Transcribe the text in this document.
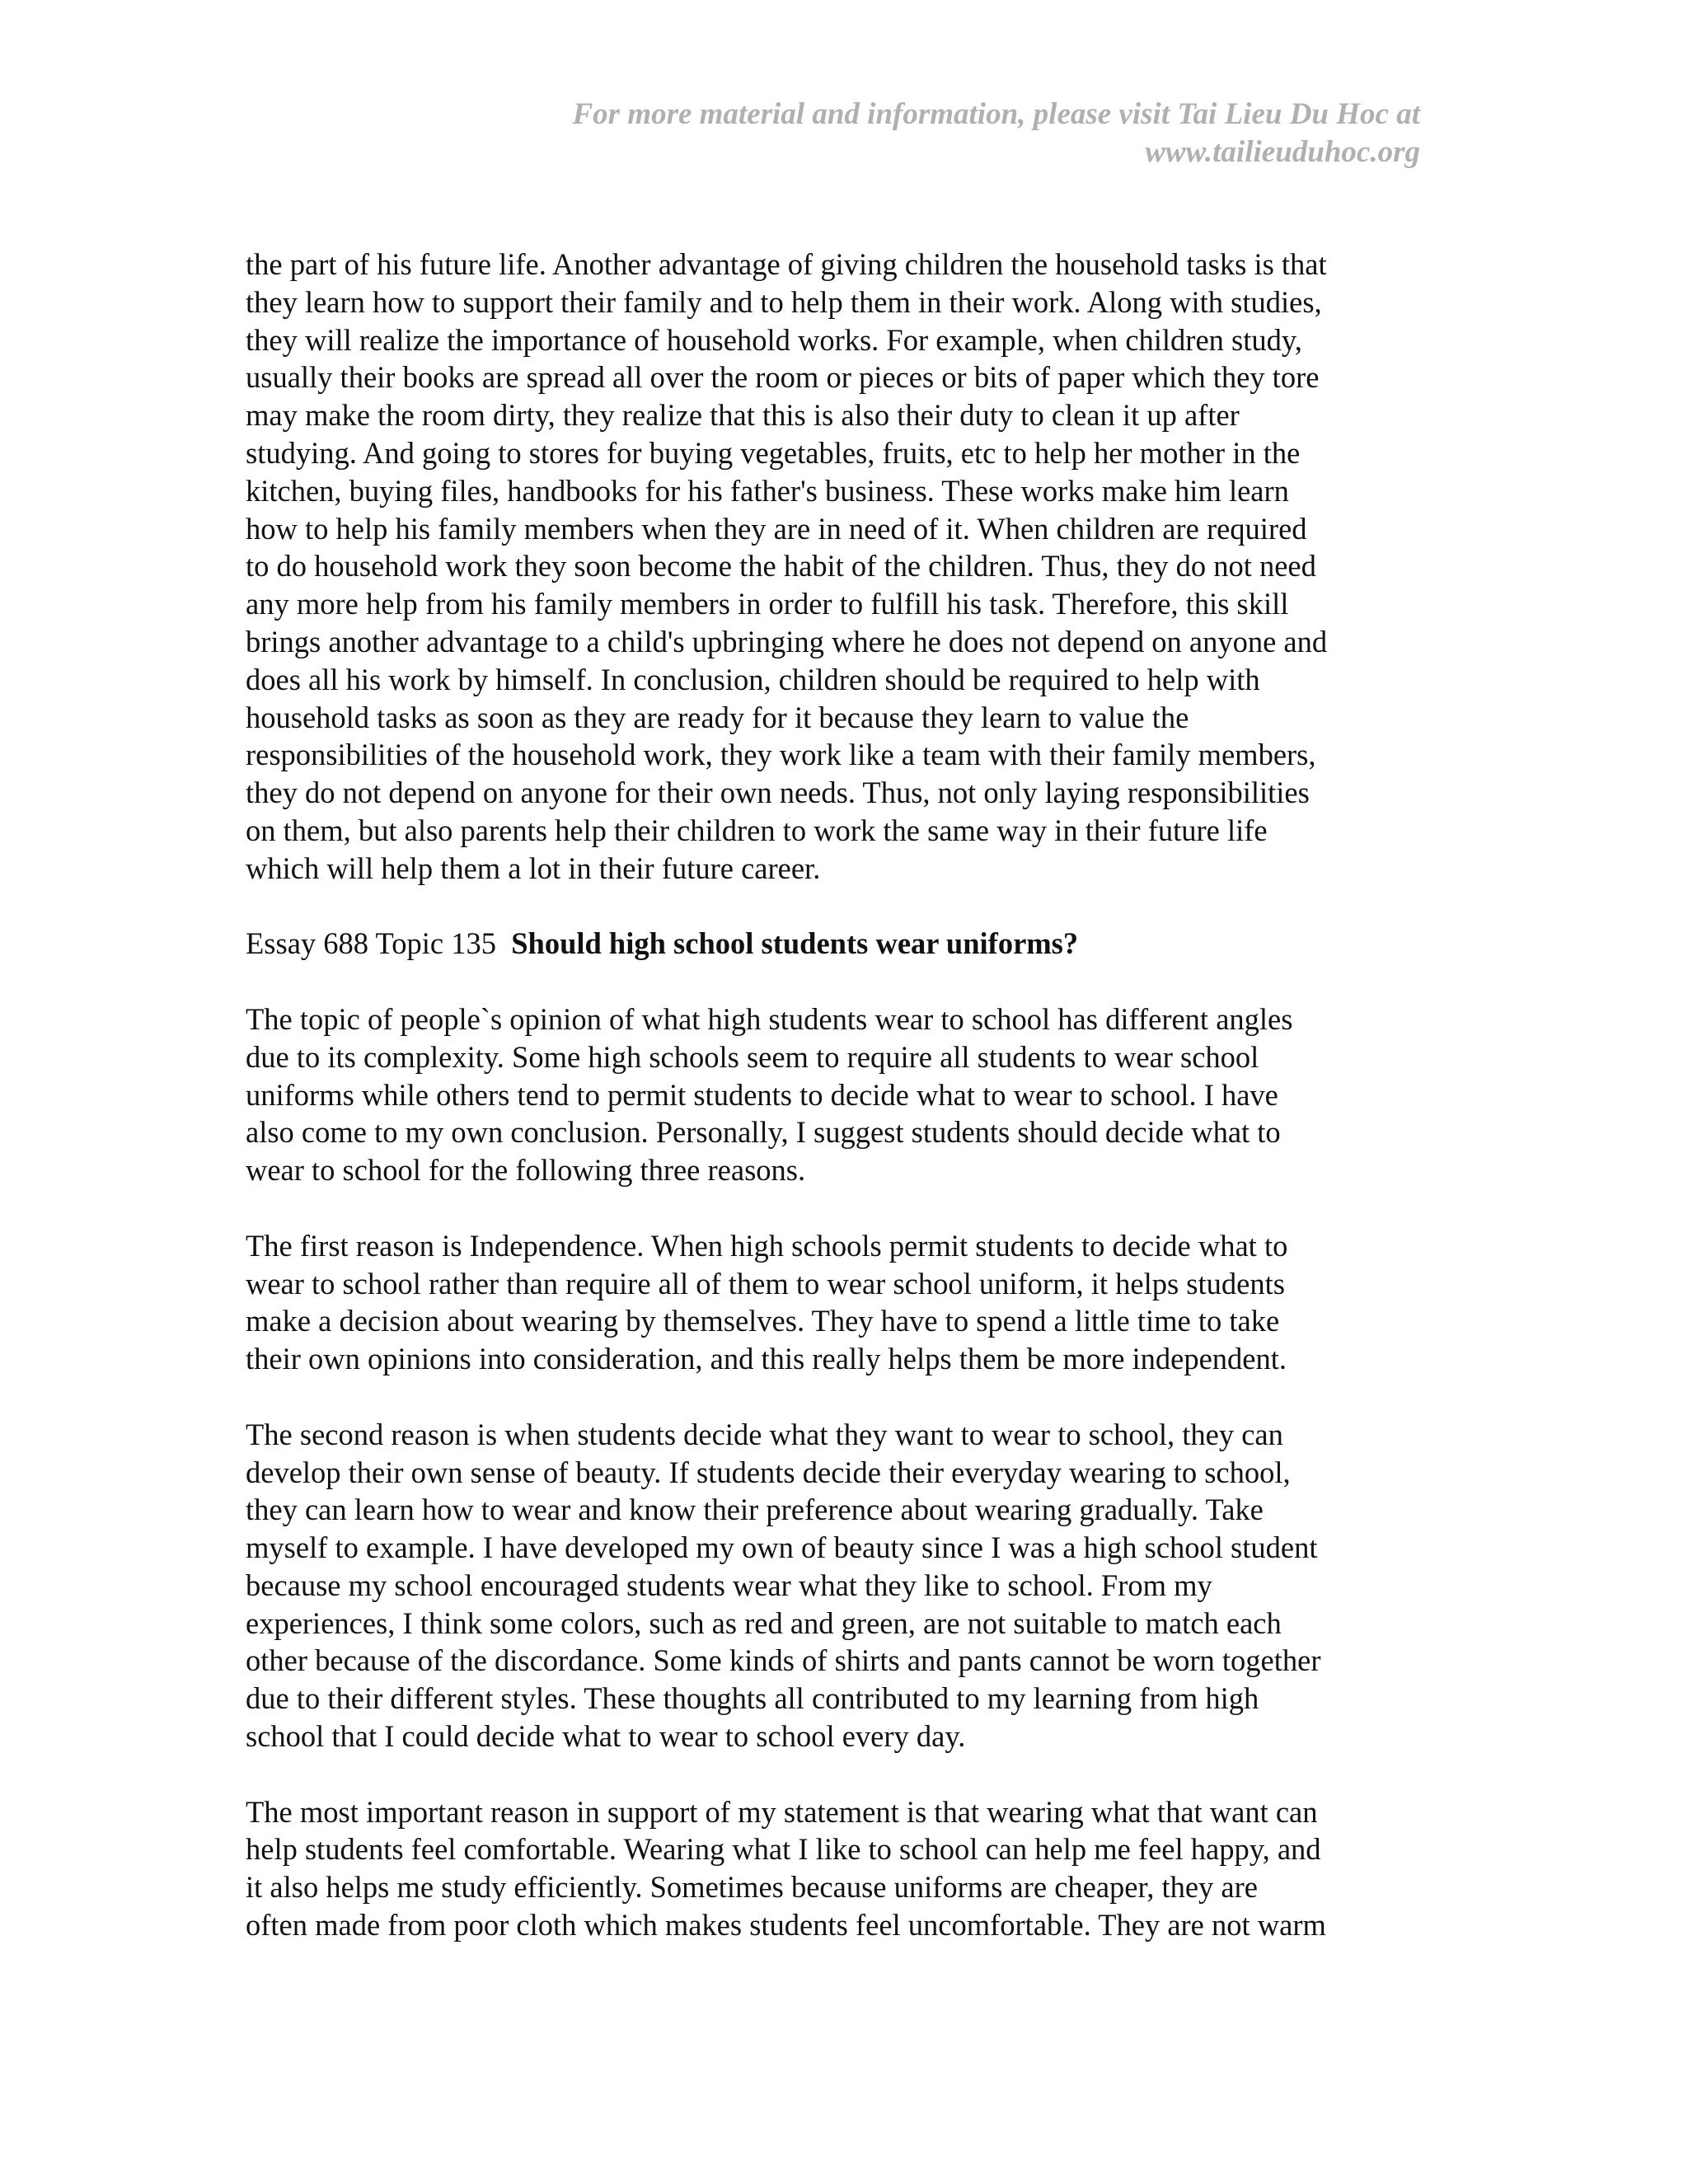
For more material and information, please visit Tai Lieu Du Hoc at
www.tailieuduhoc.org
the part of his future life. Another advantage of giving children the household tasks is that
they learn how to support their family and to help them in their work. Along with studies,
they will realize the importance of household works. For example, when children study,
usually their books are spread all over the room or pieces or bits of paper which they tore
may make the room dirty, they realize that this is also their duty to clean it up after
studying. And going to stores for buying vegetables, fruits, etc to help her mother in the
kitchen, buying files, handbooks for his father's business. These works make him learn
how to help his family members when they are in need of it. When children are required
to do household work they soon become the habit of the children. Thus, they do not need
any more help from his family members in order to fulfill his task. Therefore, this skill
brings another advantage to a child's upbringing where he does not depend on anyone and
does all his work by himself. In conclusion, children should be required to help with
household tasks as soon as they are ready for it because they learn to value the
responsibilities of the household work, they work like a team with their family members,
they do not depend on anyone for their own needs. Thus, not only laying responsibilities
on them, but also parents help their children to work the same way in their future life
which will help them a lot in their future career.
Essay 688 Topic 135 Should high school students wear uniforms?
The topic of people`s opinion of what high students wear to school has different angles
due to its complexity. Some high schools seem to require all students to wear school
uniforms while others tend to permit students to decide what to wear to school. I have
also come to my own conclusion. Personally, I suggest students should decide what to
wear to school for the following three reasons.
The first reason is Independence. When high schools permit students to decide what to
wear to school rather than require all of them to wear school uniform, it helps students
make a decision about wearing by themselves. They have to spend a little time to take
their own opinions into consideration, and this really helps them be more independent.
The second reason is when students decide what they want to wear to school, they can
develop their own sense of beauty. If students decide their everyday wearing to school,
they can learn how to wear and know their preference about wearing gradually. Take
myself to example. I have developed my own of beauty since I was a high school student
because my school encouraged students wear what they like to school. From my
experiences, I think some colors, such as red and green, are not suitable to match each
other because of the discordance. Some kinds of shirts and pants cannot be worn together
due to their different styles. These thoughts all contributed to my learning from high
school that I could decide what to wear to school every day.
The most important reason in support of my statement is that wearing what that want can
help students feel comfortable. Wearing what I like to school can help me feel happy, and
it also helps me study efficiently. Sometimes because uniforms are cheaper, they are
often made from poor cloth which makes students feel uncomfortable. They are not warm
